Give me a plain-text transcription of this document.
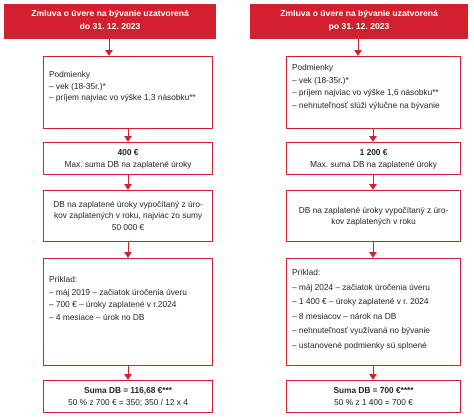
Zmluva o úvere na bývanie uzatvorená
do 31. 12. 2023
Podmienky
– vek (18-35r.)*
– príjem najviac vo výške 1,3 násobku**
400 €
Max. suma DB na zaplatené úroky
DB na zaplatené úroky vypočítaný z úro-
kov zaplatených v roku, najviac zo sumy
50 000 €
Príklad:
– máj 2019 – začiatok úročenia úveru
– 700 € – úroky zaplatené v r.2024
– 4 mesiace – úrok no DB
Suma DB = 116,68 €***
50 % z 700 € = 350; 350 / 12 x 4
Zmluva o úvere na bývanie uzatvorená
po 31. 12. 2023
Podmienky
– vek (18-35r.)*
– príjem najviac vo výške 1,6 násobku**
– nehnuteľnosť slúži výlučne na bývanie
1 200 €
Max. suma DB na zaplatené úroky
DB na zaplatené úroky vypočítaný z úro-
kov zaplatených v roku
Príklad:
– máj 2024 – začiatok úročenia úveru
– 1 400 € – úroky zaplatené v r. 2024
– 8 mesiacov – nárok na DB
– nehnuteľnosť využívaná no bývanie
– ustanovené podmienky sú splnené
Suma DB = 700 €****
50 % z 1 400 = 700 €
